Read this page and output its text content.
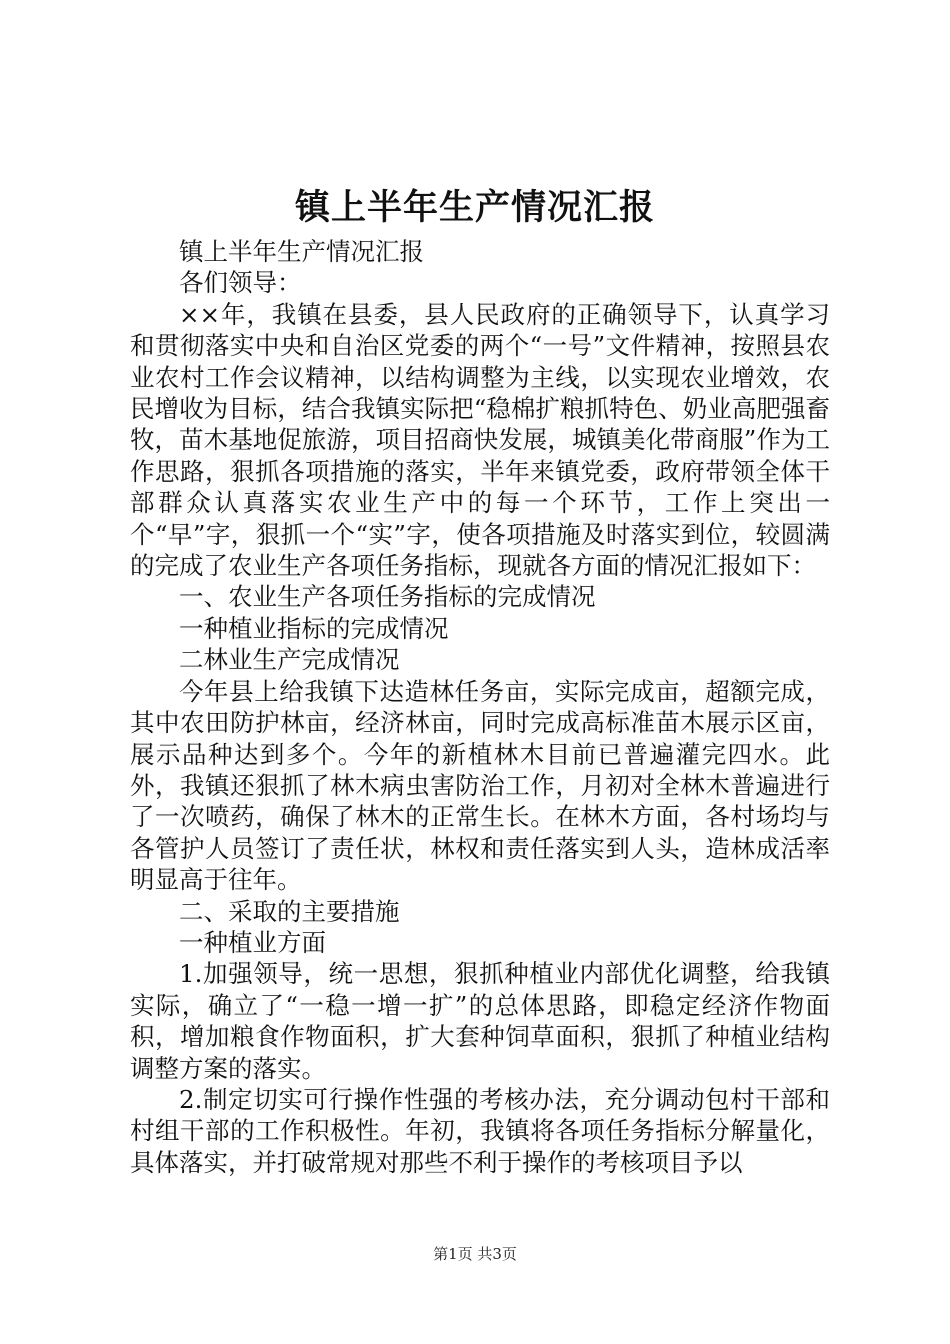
镇上半年生产情况汇报

镇上半年生产情况汇报

各们领导：

××年，我镇在县委，县人民政府的正确领导下，认真学习和贯彻落实中央和自治区党委的两个“一号”文件精神，按照县农业农村工作会议精神，以结构调整为主线，以实现农业增效，农民增收为目标，结合我镇实际把“稳棉扩粮抓特色、奶业高肥强畜牧，苗木基地促旅游，项目招商快发展，城镇美化带商服”作为工作思路，狠抓各项措施的落实，半年来镇党委，政府带领全体干部群众认真落实农业生产中的每一个环节，工作上突出一个“早”字，狠抓一个“实”字，使各项措施及时落实到位，较圆满的完成了农业生产各项任务指标，现就各方面的情况汇报如下：

一、农业生产各项任务指标的完成情况

一种植业指标的完成情况

二林业生产完成情况

今年县上给我镇下达造林任务亩，实际完成亩，超额完成，其中农田防护林亩，经济林亩，同时完成高标准苗木展示区亩，展示品种达到多个。今年的新植林木目前已普遍灌完四水。此外，我镇还狠抓了林木病虫害防治工作，月初对全林木普遍进行了一次喷药，确保了林木的正常生长。在林木方面，各村场均与各管护人员签订了责任状，林权和责任落实到人头，造林成活率明显高于往年。

二、采取的主要措施

一种植业方面

1.加强领导，统一思想，狠抓种植业内部优化调整，给我镇实际，确立了“一稳一增一扩”的总体思路，即稳定经济作物面积，增加粮食作物面积，扩大套种饲草面积，狠抓了种植业结构调整方案的落实。

2.制定切实可行操作性强的考核办法，充分调动包村干部和村组干部的工作积极性。年初，我镇将各项任务指标分解量化，具体落实，并打破常规对那些不利于操作的考核项目予以

第1页 共3页
